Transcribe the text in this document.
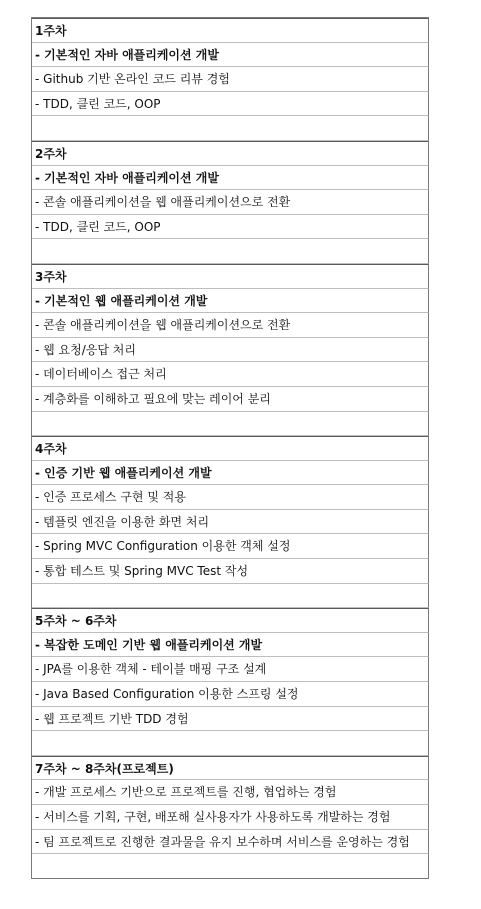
1주차
- 기본적인 자바 애플리케이션 개발
- Github 기반 온라인 코드 리뷰 경험
- TDD, 클린 코드, OOP
2주차
- 기본적인 자바 애플리케이션 개발
- 콘솔 애플리케이션을 웹 애플리케이션으로 전환
- TDD, 클린 코드, OOP
3주차
- 기본적인 웹 애플리케이션 개발
- 콘솔 애플리케이션을 웹 애플리케이션으로 전환
- 웹 요청/응답 처리
- 데이터베이스 접근 처리
- 계층화를 이해하고 필요에 맞는 레이어 분리
4주차
- 인증 기반 웹 애플리케이션 개발
- 인증 프로세스 구현 및 적용
- 템플릿 엔진을 이용한 화면 처리
- Spring MVC Configuration 이용한 객체 설정
- 통합 테스트 및 Spring MVC Test 작성
5주차 ~ 6주차
- 복잡한 도메인 기반 웹 애플리케이션 개발
- JPA를 이용한 객체 - 테이블 매핑 구조 설계
- Java Based Configuration 이용한 스프링 설정
- 웹 프로젝트 기반 TDD 경험
7주차 ~ 8주차(프로젝트)
- 개발 프로세스 기반으로 프로젝트를 진행, 협업하는 경험
- 서비스를 기획, 구현, 배포해 실사용자가 사용하도록 개발하는 경험
- 팀 프로젝트로 진행한 결과물을 유지 보수하며 서비스를 운영하는 경험
